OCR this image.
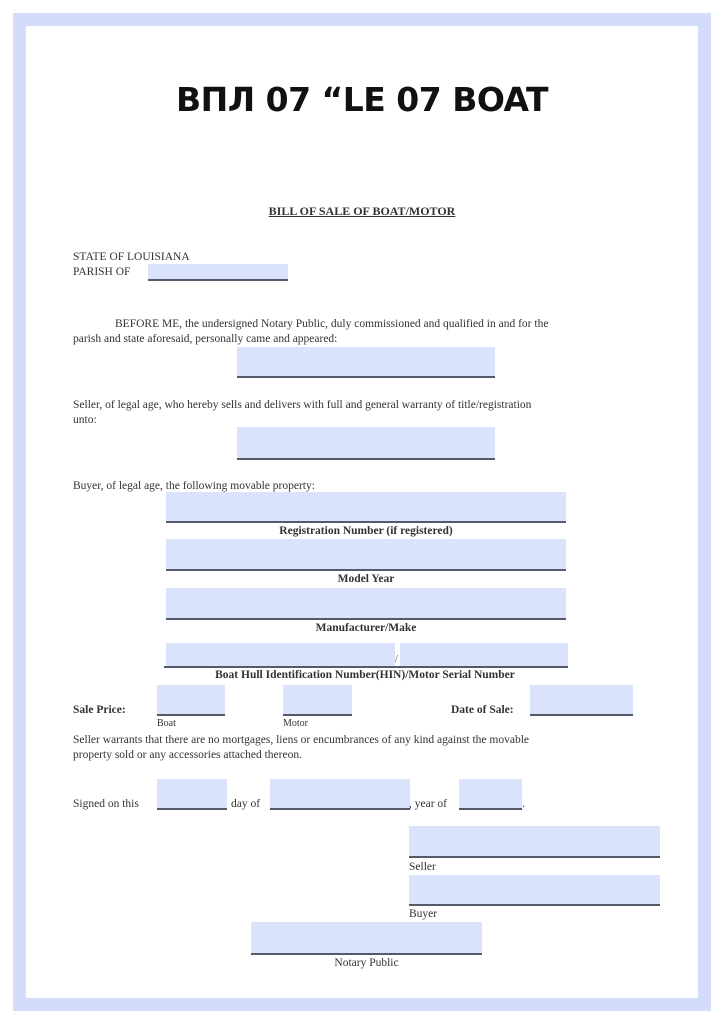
ВПЛ 07 “LE 07 BOAT
BILL OF SALE OF BOAT/MOTOR
STATE OF LOUISIANA
PARISH OF
BEFORE ME, the undersigned Notary Public, duly commissioned and qualified in and for the
parish and state aforesaid, personally came and appeared:
Seller, of legal age, who hereby sells and delivers with full and general warranty of title/registration
unto:
Buyer, of legal age, the following movable property:
Registration Number (if registered)
Model Year
Manufacturer/Make
/
Boat Hull Identification Number(HIN)/Motor Serial Number
Sale Price:
Boat	Motor
Date of Sale:
Seller warrants that there are no mortgages, liens or encumbrances of any kind against the movable
property sold or any accessories attached thereon.
Signed on this	day of	, year of	.
Seller
Buyer
Notary Public
